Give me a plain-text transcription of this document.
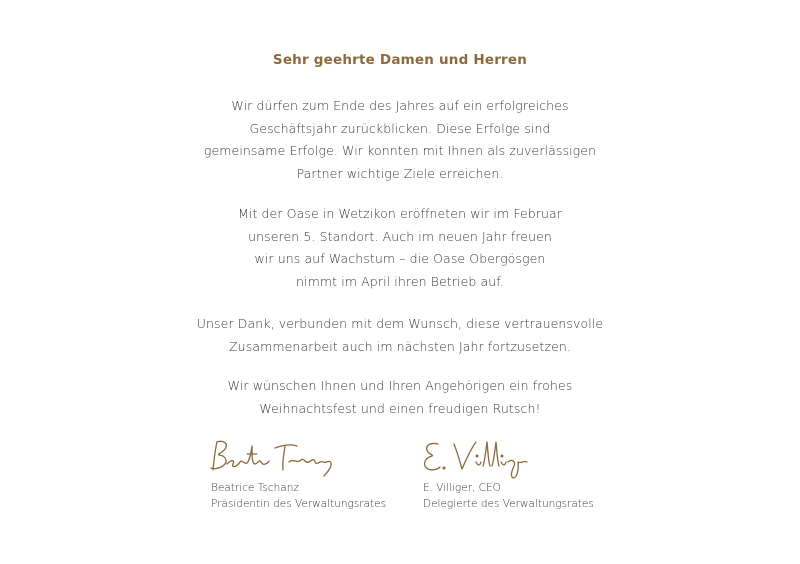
Sehr geehrte Damen und Herren
Wir dürfen zum Ende des Jahres auf ein erfolgreiches
Geschäftsjahr zurückblicken. Diese Erfolge sind
gemeinsame Erfolge. Wir konnten mit Ihnen als zuverlässigen
Partner wichtige Ziele erreichen.
Mit der Oase in Wetzikon eröffneten wir im Februar
unseren 5. Standort. Auch im neuen Jahr freuen
wir uns auf Wachstum – die Oase Obergösgen
nimmt im April ihren Betrieb auf.
Unser Dank, verbunden mit dem Wunsch, diese vertrauensvolle
Zusammenarbeit auch im nächsten Jahr fortzusetzen.
Wir wünschen Ihnen und Ihren Angehörigen ein frohes
Weihnachtsfest und einen freudigen Rutsch!
Beatrice Tschanz
Präsidentin des Verwaltungsrates
E. Villiger, CEO
Delegierte des Verwaltungsrates
